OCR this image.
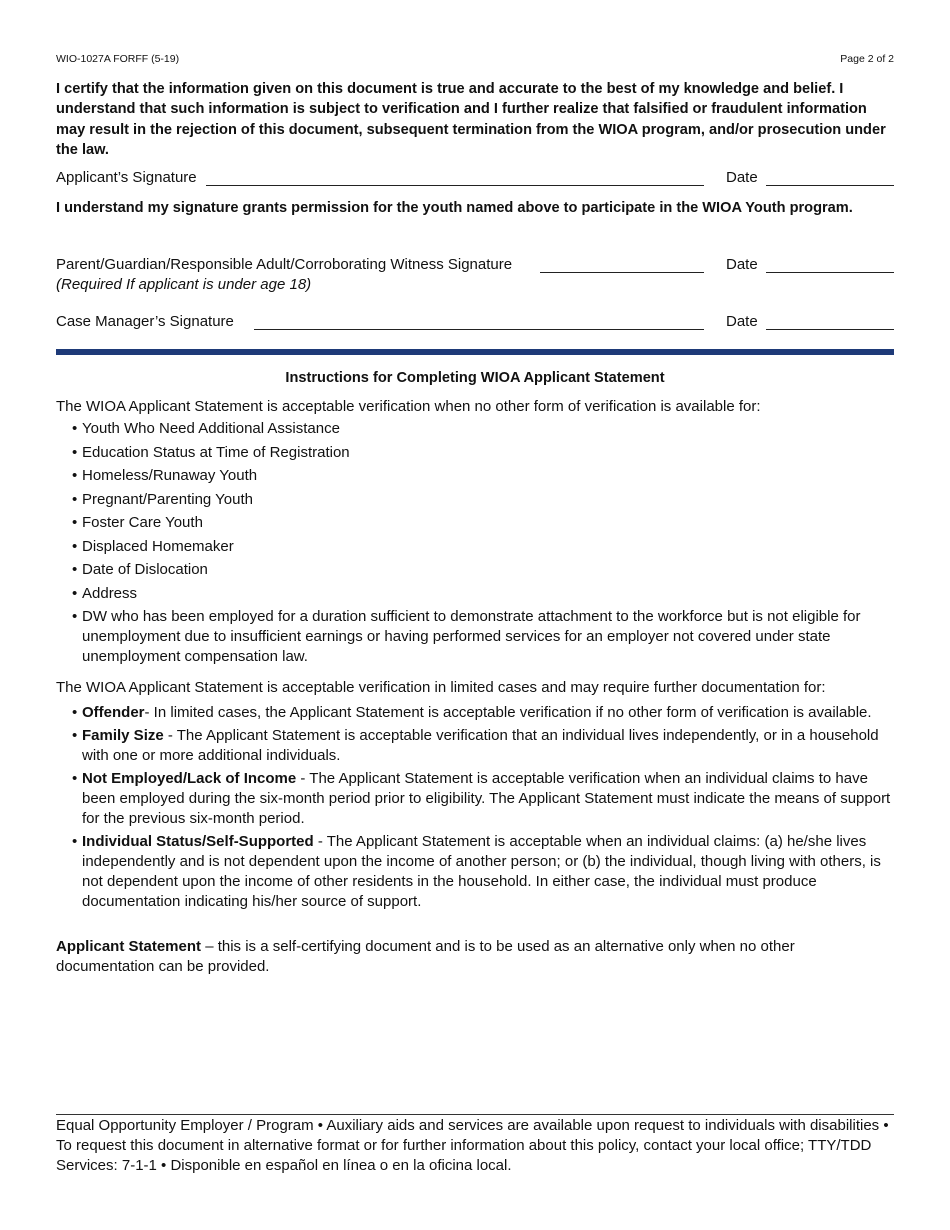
WIO-1027A FORFF (5-19)	Page 2 of 2
I certify that the information given on this document is true and accurate to the best of my knowledge and belief. I understand that such information is subject to verification and I further realize that falsified or fraudulent information may result in the rejection of this document, subsequent termination from the WIOA program, and/or prosecution under the law.
Applicant’s Signature	Date
I understand my signature grants permission for the youth named above to participate in the WIOA Youth program.
Parent/Guardian/Responsible Adult/Corroborating Witness Signature	Date
(Required If applicant is under age 18)
Case Manager’s Signature	Date
Instructions for Completing WIOA Applicant Statement
The WIOA Applicant Statement is acceptable verification when no other form of verification is available for:
• Youth Who Need Additional Assistance
• Education Status at Time of Registration
• Homeless/Runaway Youth
• Pregnant/Parenting Youth
• Foster Care Youth
• Displaced Homemaker
• Date of Dislocation
• Address
• DW who has been employed for a duration sufficient to demonstrate attachment to the workforce but is not eligible for unemployment due to insufficient earnings or having performed services for an employer not covered under state unemployment compensation law.
The WIOA Applicant Statement is acceptable verification in limited cases and may require further documentation for:
• Offender- In limited cases, the Applicant Statement is acceptable verification if no other form of verification is available.
• Family Size - The Applicant Statement is acceptable verification that an individual lives independently, or in a household with one or more additional individuals.
• Not Employed/Lack of Income - The Applicant Statement is acceptable verification when an individual claims to have been employed during the six-month period prior to eligibility. The Applicant Statement must indicate the means of support for the previous six-month period.
• Individual Status/Self-Supported - The Applicant Statement is acceptable when an individual claims: (a) he/she lives independently and is not dependent upon the income of another person; or (b) the individual, though living with others, is not dependent upon the income of other residents in the household. In either case, the individual must produce documentation indicating his/her source of support.
Applicant Statement – this is a self-certifying document and is to be used as an alternative only when no other documentation can be provided.
Equal Opportunity Employer / Program • Auxiliary aids and services are available upon request to individuals with disabilities • To request this document in alternative format or for further information about this policy, contact your local office; TTY/TDD Services: 7-1-1 • Disponible en español en línea o en la oficina local.
